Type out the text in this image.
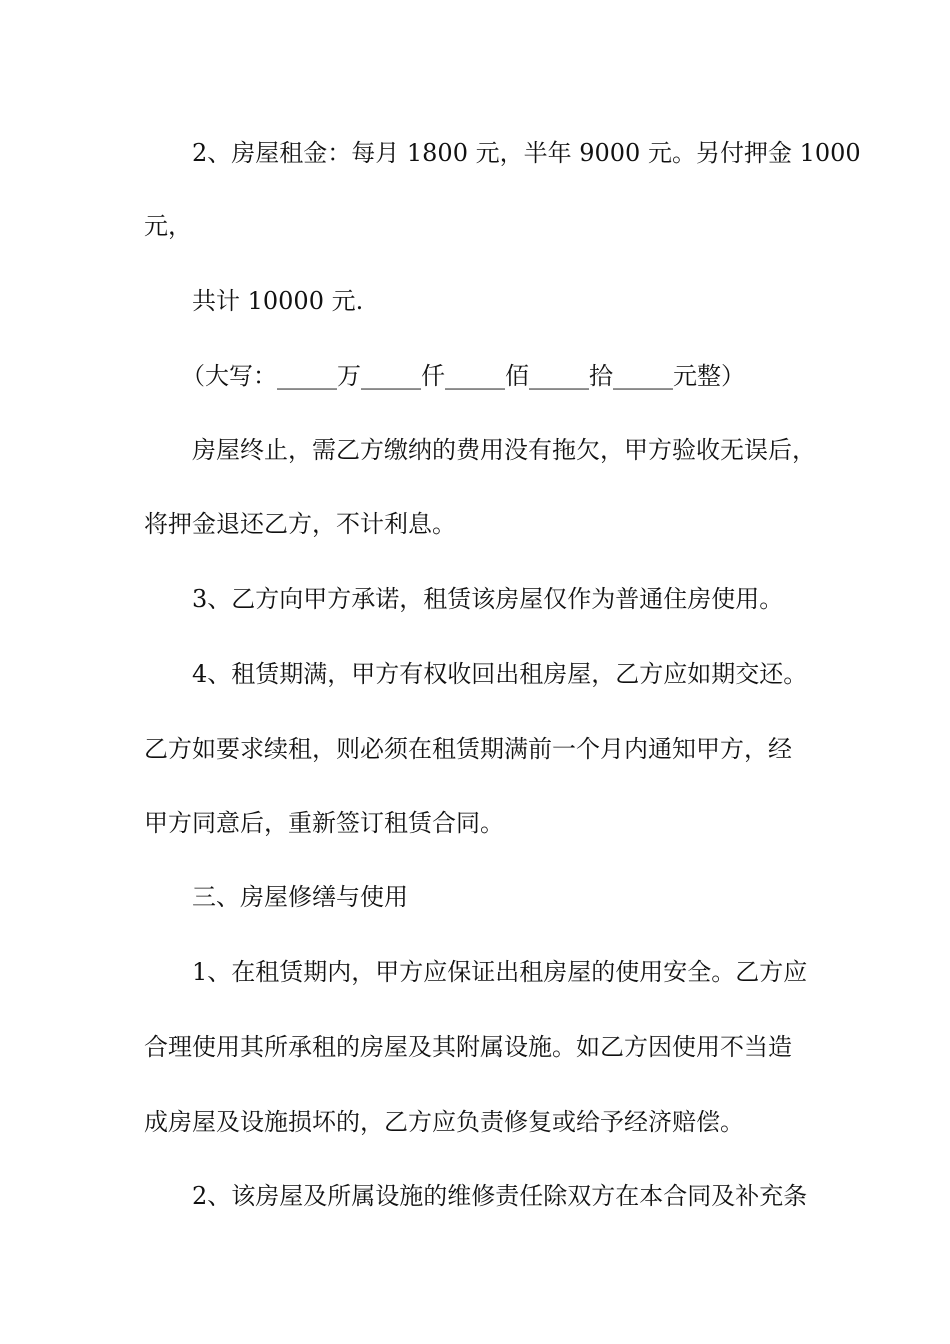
2、房屋租金：每月 1800 元，半年 9000 元。另付押金 1000
元，
共计 10000 元.
（大写：_____万_____仟_____佰_____拾_____元整）
房屋终止，需乙方缴纳的费用没有拖欠，甲方验收无误后，
将押金退还乙方，不计利息。
3、乙方向甲方承诺，租赁该房屋仅作为普通住房使用。
4、租赁期满，甲方有权收回出租房屋，乙方应如期交还。
乙方如要求续租，则必须在租赁期满前一个月内通知甲方，经
甲方同意后，重新签订租赁合同。
三、房屋修缮与使用
1、在租赁期内，甲方应保证出租房屋的使用安全。乙方应
合理使用其所承租的房屋及其附属设施。如乙方因使用不当造
成房屋及设施损坏的，乙方应负责修复或给予经济赔偿。
2、该房屋及所属设施的维修责任除双方在本合同及补充条
